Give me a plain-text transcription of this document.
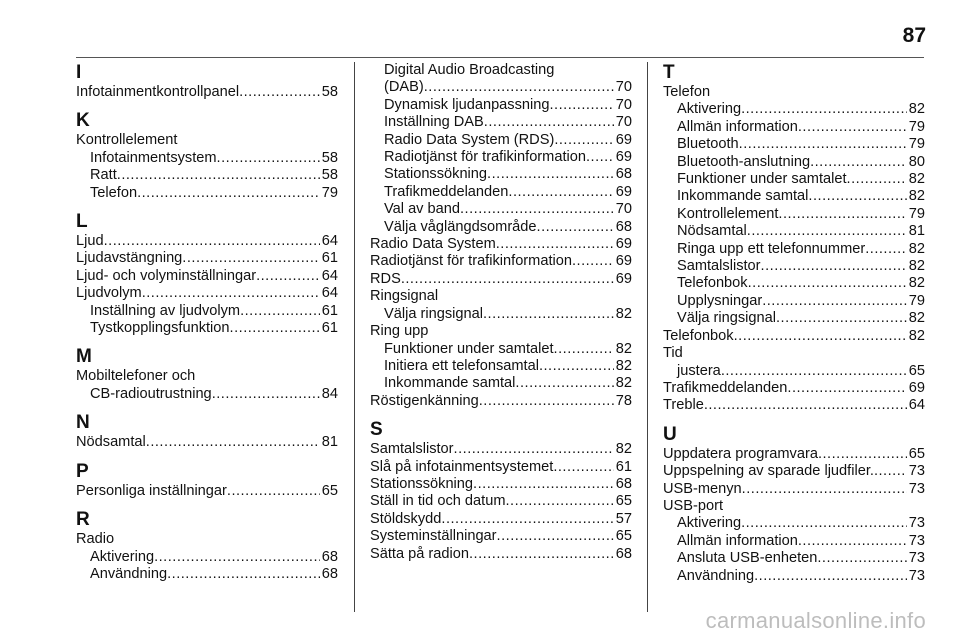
87
I
Infotainmentkontrollpanel .....	58
K
Kontrollelement
Infotainmentsystem .....	58
Ratt .....	58
Telefon .....	79
L
Ljud .....	64
Ljudavstängning .....	61
Ljud- och volyminställningar .....	64
Ljudvolym .....	64
Inställning av ljudvolym .....	61
Tystkopplingsfunktion .....	61
M
Mobiltelefoner och
CB-radioutrustning .....	84
N
Nödsamtal .....	81
P
Personliga inställningar .....	65
R
Radio
Aktivering .....	68
Användning .....	68
Digital Audio Broadcasting
(DAB) .....	70
Dynamisk ljudanpassning .....	70
Inställning DAB .....	70
Radio Data System (RDS) .....	69
Radiotjänst för trafikinformation ..... 69
Stationssökning .....	68
Trafikmeddelanden .....	69
Val av band .....	70
Välja våglängdsområde .....	68
Radio Data System .....	69
Radiotjänst för trafikinformation .....	69
RDS .....	69
Ringsignal
Välja ringsignal .....	82
Ring upp
Funktioner under samtalet .....	82
Initiera ett telefonsamtal .....	82
Inkommande samtal .....	82
Röstigenkänning .....	78
S
Samtalslistor .....	82
Slå på infotainmentsystemet .....	61
Stationssökning .....	68
Ställ in tid och datum .....	65
Stöldskydd .....	57
Systeminställningar .....	65
Sätta på radion .....	68
T
Telefon
Aktivering .....	82
Allmän information .....	79
Bluetooth .....	79
Bluetooth-anslutning .....	80
Funktioner under samtalet .....	82
Inkommande samtal .....	82
Kontrollelement .....	79
Nödsamtal .....	81
Ringa upp ett telefonnummer .....	82
Samtalslistor .....	82
Telefonbok .....	82
Upplysningar .....	79
Välja ringsignal .....	82
Telefonbok .....	82
Tid
justera .....	65
Trafikmeddelanden .....	69
Treble .....	64
U
Uppdatera programvara .....	65
Uppspelning av sparade ljudfiler. ..... 73
USB-menyn .....	73
USB-port
Aktivering .....	73
Allmän information .....	73
Ansluta USB-enheten .....	73
Användning .....	73
carmanualsonline.info
